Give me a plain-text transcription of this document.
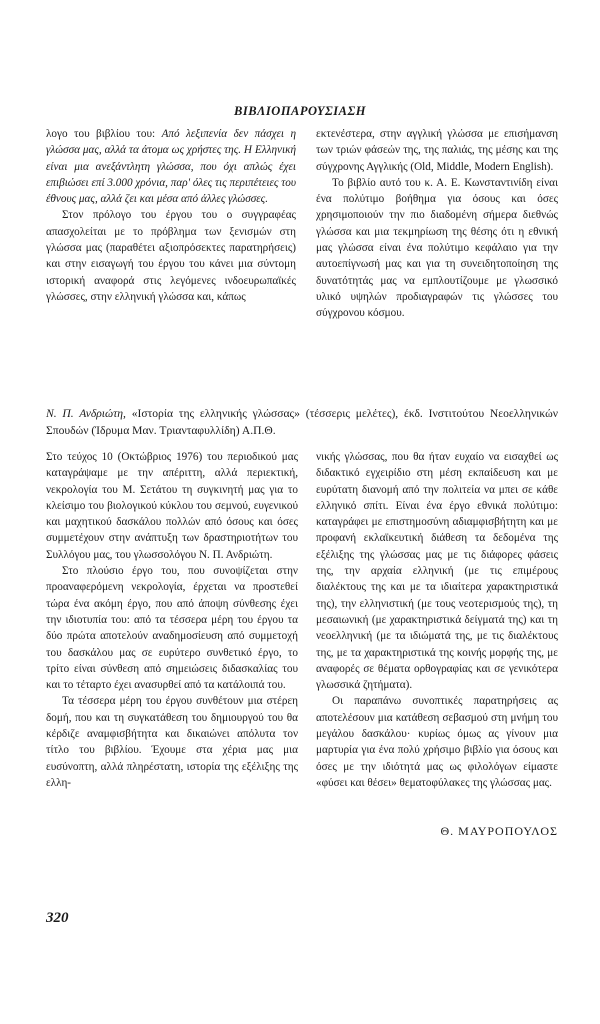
ΒΙΒΛΙΟΠΑΡΟΥΣΙΑΣΗ

λογο του βιβλίου του: Από λεξιπενία δεν πάσχει η γλώσσα μας, αλλά τα άτομα ως χρήστες της. Η Ελληνική είναι μια ανεξάντλητη γλώσσα, που όχι απλώς έχει επιβιώσει επί 3.000 χρόνια, παρ' όλες τις περιπέτειες του έθνους μας, αλλά ζει και μέσα από άλλες γλώσσες.

Στον πρόλογο του έργου του ο συγγραφέας απασχολείται με το πρόβλημα των ξενισμών στη γλώσσα μας (παραθέτει αξιοπρόσεκτες παρατηρήσεις) και στην εισαγωγή του έργου του κάνει μια σύντομη ιστορική αναφορά στις λεγόμενες ινδοευρωπαϊκές γλώσσες, στην ελληνική γλώσσα και, κάπως

εκτενέστερα, στην αγγλική γλώσσα με επισήμανση των τριών φάσεών της, της παλιάς, της μέσης και της σύγχρονης Αγγλικής (Old, Middle, Modern English).

Το βιβλίο αυτό του κ. Α. Ε. Κωνσταντινίδη είναι ένα πολύτιμο βοήθημα για όσους και όσες χρησιμοποιούν την πιο διαδομένη σήμερα διεθνώς γλώσσα και μια τεκμηρίωση της θέσης ότι η εθνική μας γλώσσα είναι ένα πολύτιμο κεφάλαιο για την αυτοεπίγνωσή μας και για τη συνειδητοποίηση της δυνατότητάς μας να εμπλουτίζουμε με γλωσσικό υλικό υψηλών προδιαγραφών τις γλώσσες του σύγχρονου κόσμου.

Ν. Π. Ανδριώτη, «Ιστορία της ελληνικής γλώσσας» (τέσσερις μελέτες), έκδ. Ινστιτούτου Νεοελληνικών Σπουδών (Ίδρυμα Μαν. Τριανταφυλλίδη) Α.Π.Θ.

Στο τεύχος 10 (Οκτώβριος 1976) του περιοδικού μας καταγράψαμε με την απέριττη, αλλά περιεκτική, νεκρολογία του Μ. Σετάτου τη συγκινητή μας για το κλείσιμο του βιολογικού κύκλου του σεμνού, ευγενικού και μαχητικού δασκάλου πολλών από όσους και όσες συμμετέχουν στην ανάπτυξη των δραστηριοτήτων του Συλλόγου μας, του γλωσσολόγου Ν. Π. Ανδριώτη.

Στο πλούσιο έργο του, που συνοψίζεται στην προαναφερόμενη νεκρολογία, έρχεται να προστεθεί τώρα ένα ακόμη έργο, που από άποψη σύνθεσης έχει την ιδιοτυπία του: από τα τέσσερα μέρη του έργου τα δύο πρώτα αποτελούν αναδημοσίευση από συμμετοχή του δασκάλου μας σε ευρύτερο συνθετικό έργο, το τρίτο είναι σύνθεση από σημειώσεις διδασκαλίας του και το τέταρτο έχει ανασυρθεί από τα κατάλοιπά του.

Τα τέσσερα μέρη του έργου συνθέτουν μια στέρεη δομή, που και τη συγκατάθεση του δημιουργού του θα κέρδιζε αναμφισβήτητα και δικαιώνει απόλυτα τον τίτλο του βιβλίου. Έχουμε στα χέρια μας μια ευσύνοπτη, αλλά πληρέστατη, ιστορία της εξέλιξης της ελλη-

νικής γλώσσας, που θα ήταν ευχαίο να εισαχθεί ως διδακτικό εγχειρίδιο στη μέση εκπαίδευση και με ευρύτατη διανομή από την πολιτεία να μπει σε κάθε ελληνικό σπίτι. Είναι ένα έργο εθνικά πολύτιμο: καταγράφει με επιστημοσύνη αδιαμφισβήτητη και με προφανή εκλαϊκευτική διάθεση τα δεδομένα της εξέλιξης της γλώσσας μας με τις διάφορες φάσεις της, την αρχαία ελληνική (με τις επιμέρους διαλέκτους της και με τα ιδιαίτερα χαρακτηριστικά της), την ελληνιστική (με τους νεοτερισμούς της), τη μεσαιωνική (με χαρακτηριστικά δείγματά της) και τη νεοελληνική (με τα ιδιώματά της, με τις διαλέκτους της, με τα χαρακτηριστικά της κοινής μορφής της, με αναφορές σε θέματα ορθογραφίας και σε γενικότερα γλωσσικά ζητήματα).

Οι παραπάνω συνοπτικές παρατηρήσεις ας αποτελέσουν μια κατάθεση σεβασμού στη μνήμη του μεγάλου δασκάλου· κυρίως όμως ας γίνουν μια μαρτυρία για ένα πολύ χρήσιμο βιβλίο για όσους και όσες με την ιδιότητά μας ως φιλολόγων είμαστε «φύσει και θέσει» θεματοφύλακες της γλώσσας μας.

Θ. ΜΑΥΡΟΠΟΥΛΟΣ
320
